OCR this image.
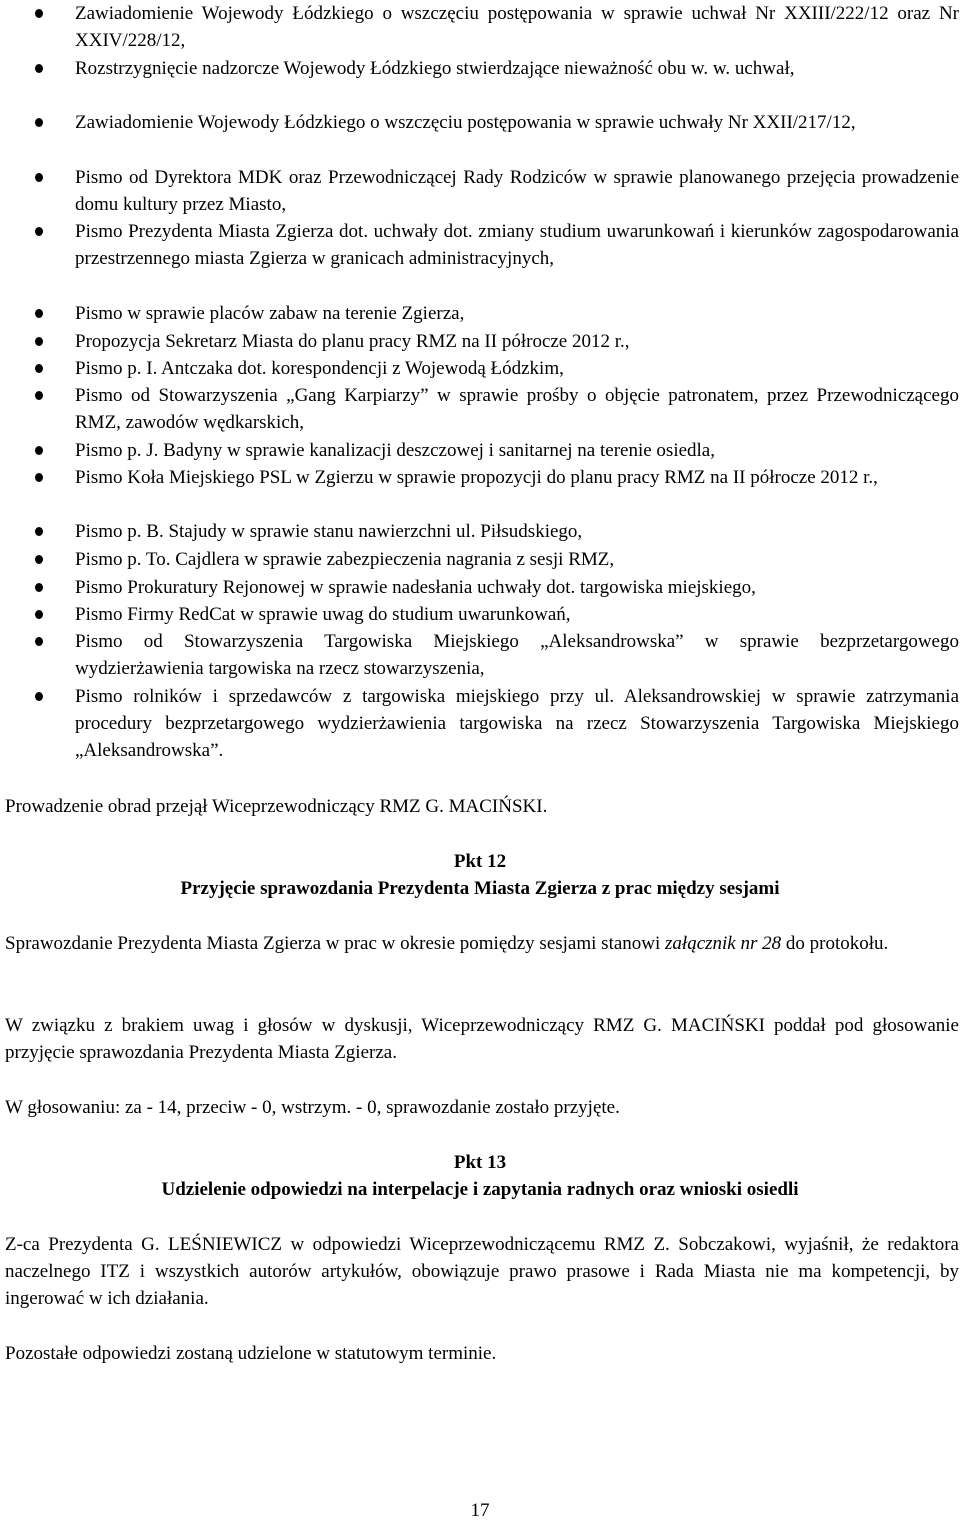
Zawiadomienie Wojewody Łódzkiego o wszczęciu postępowania w sprawie uchwał Nr XXIII/222/12 oraz Nr XXIV/228/12,
Rozstrzygnięcie nadzorcze Wojewody Łódzkiego stwierdzające nieważność obu w. w. uchwał,
Zawiadomienie Wojewody Łódzkiego o wszczęciu postępowania w sprawie uchwały Nr XXII/217/12,
Pismo od Dyrektora MDK oraz Przewodniczącej Rady Rodziców w sprawie planowanego przejęcia prowadzenie domu kultury przez Miasto,
Pismo Prezydenta Miasta Zgierza dot. uchwały dot. zmiany studium uwarunkowań i kierunków zagospodarowania przestrzennego miasta Zgierza w granicach administracyjnych,
Pismo w sprawie placów zabaw na terenie Zgierza,
Propozycja Sekretarz Miasta do planu pracy RMZ na II półrocze 2012 r.,
Pismo p. I. Antczaka dot. korespondencji z Wojewodą Łódzkim,
Pismo od Stowarzyszenia „Gang Karpiarzy” w sprawie prośby o objęcie patronatem, przez Przewodniczącego RMZ, zawodów wędkarskich,
Pismo p. J. Badyny w sprawie kanalizacji deszczowej i sanitarnej na terenie osiedla,
Pismo Koła Miejskiego PSL w Zgierzu w sprawie propozycji do planu pracy RMZ na II półrocze 2012 r.,
Pismo p. B. Stajudy w sprawie stanu nawierzchni ul. Piłsudskiego,
Pismo p. To. Cajdlera w sprawie zabezpieczenia nagrania z sesji RMZ,
Pismo Prokuratury Rejonowej w sprawie nadesłania uchwały dot. targowiska miejskiego,
Pismo Firmy RedCat w sprawie uwag do studium uwarunkowań,
Pismo od Stowarzyszenia Targowiska Miejskiego „Aleksandrowska” w sprawie bezprzetargowego wydzierżawienia targowiska na rzecz stowarzyszenia,
Pismo rolników i sprzedawców z targowiska miejskiego przy ul. Aleksandrowskiej w sprawie zatrzymania procedury bezprzetargowego wydzierżawienia targowiska na rzecz Stowarzyszenia Targowiska Miejskiego „Aleksandrowska”.
Prowadzenie obrad przejął Wiceprzewodniczący RMZ G. MACIŃSKI.
Pkt 12
Przyjęcie sprawozdania Prezydenta Miasta Zgierza z prac między sesjami
Sprawozdanie Prezydenta Miasta Zgierza w prac w okresie pomiędzy sesjami stanowi załącznik nr 28 do protokołu.
W związku z brakiem uwag i głosów w dyskusji, Wiceprzewodniczący RMZ G. MACIŃSKI poddał pod głosowanie przyjęcie sprawozdania Prezydenta Miasta Zgierza.
W głosowaniu: za - 14, przeciw - 0, wstrzym. - 0, sprawozdanie zostało przyjęte.
Pkt 13
Udzielenie odpowiedzi na interpelacje i zapytania radnych oraz wnioski osiedli
Z-ca Prezydenta G. LEŚNIEWICZ w odpowiedzi Wiceprzewodniczącemu RMZ Z. Sobczakowi, wyjaśnił, że redaktora naczelnego ITZ i wszystkich autorów artykułów, obowiązuje prawo prasowe i Rada Miasta nie ma kompetencji, by ingerować w ich działania.
Pozostałe odpowiedzi zostaną udzielone w statutowym terminie.
17
